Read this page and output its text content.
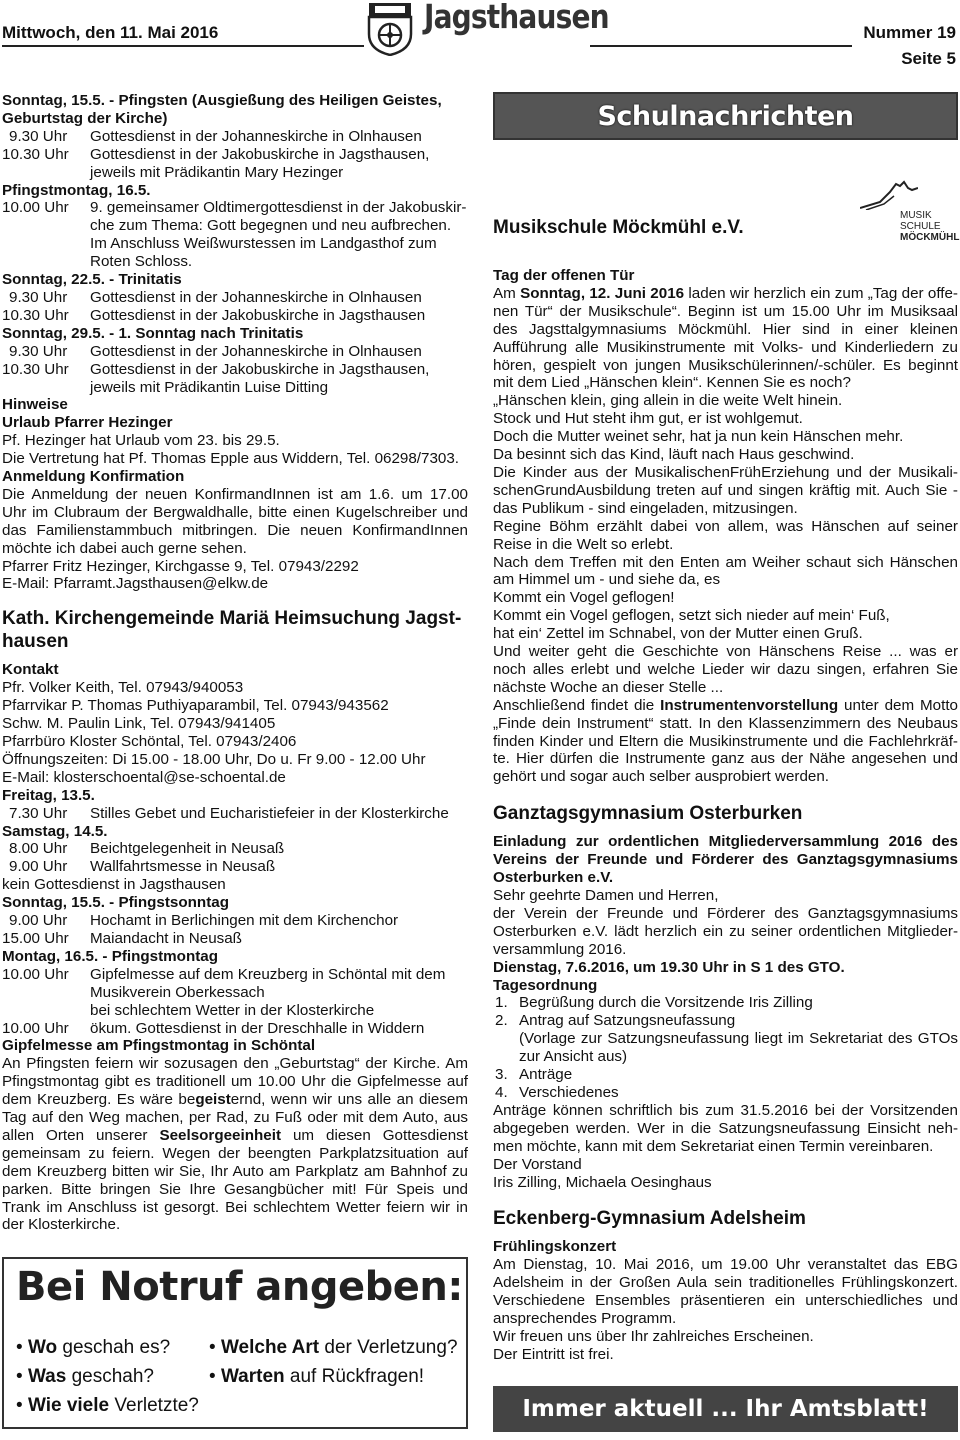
Mittwoch, den 11. Mai 2016	Jagsthausen	Nummer 19
Seite 5

Sonntag, 15.5. - Pfingsten (Ausgießung des Heiligen Geistes, Geburtstag der Kirche)

9.30 Uhr	Gottesdienst in der Johanneskirche in Olnhausen
10.30 Uhr	Gottesdienst in der Jakobuskirche in Jagsthausen,

jeweils mit Prädikantin Mary Hezinger

Pfingstmontag, 16.5.

10.00 Uhr	9. gemeinsamer Oldtimergottesdienst in der Jakobuskir-
che zum Thema: Gott begegnen und neu aufbrechen.
Im Anschluss Weißwurstessen im Landgasthof zum
Roten Schloss.

Sonntag, 22.5. - Trinitatis

9.30 Uhr	Gottesdienst in der Johanneskirche in Olnhausen
10.30 Uhr	Gottesdienst in der Jakobuskirche in Jagsthausen

Sonntag, 29.5. - 1. Sonntag nach Trinitatis

9.30 Uhr	Gottesdienst in der Johanneskirche in Olnhausen
10.30 Uhr	Gottesdienst in der Jakobuskirche in Jagsthausen,

jeweils mit Prädikantin Luise Ditting

Hinweise

Urlaub Pfarrer Hezinger

Pf. Hezinger hat Urlaub vom 23. bis 29.5.

Die Vertretung hat Pf. Thomas Epple aus Widdern, Tel. 06298/7303.

Anmeldung Konfirmation

Die Anmeldung der neuen KonfirmandInnen ist am 1.6. um 17.00 Uhr im Clubraum der Bergwaldhalle, bitte einen Kugelschreiber und das Familienstammbuch mitbringen. Die neuen KonfirmandInnen möchte ich dabei auch gerne sehen.

Pfarrer Fritz Hezinger, Kirchgasse 9, Tel. 07943/2292

E-Mail: Pfarramt.Jagsthausen@elkw.de

Kath. Kirchengemeinde Mariä Heimsuchung Jagst-hausen

Kontakt

Pfr. Volker Keith, Tel. 07943/940053

Pfarrvikar P. Thomas Puthiyaparambil, Tel. 07943/943562

Schw. M. Paulin Link, Tel. 07943/941405

Pfarrbüro Kloster Schöntal, Tel. 07943/2406

Öffnungszeiten: Di 15.00 - 18.00 Uhr, Do u. Fr 9.00 - 12.00 Uhr

E-Mail: klosterschoental@se-schoental.de

Freitag, 13.5.

7.30 Uhr	Stilles Gebet und Eucharistiefeier in der Klosterkirche

Samstag, 14.5.

8.00 Uhr	Beichtgelegenheit in Neusaß
9.00 Uhr	Wallfahrtsmesse in Neusaß

kein Gottesdienst in Jagsthausen

Sonntag, 15.5. - Pfingstsonntag

9.00 Uhr	Hochamt in Berlichingen mit dem Kirchenchor
15.00 Uhr	Maiandacht in Neusaß

Montag, 16.5. - Pfingstmontag

10.00 Uhr	Gipfelmesse auf dem Kreuzberg in Schöntal mit dem
Musikverein Oberkessach
bei schlechtem Wetter in der Klosterkirche
10.00 Uhr	ökum. Gottesdienst in der Dreschhalle in Widdern

Gipfelmesse am Pfingstmontag in Schöntal

An Pfingsten feiern wir sozusagen den „Geburtstag“ der Kirche. Am Pfingstmontag gibt es traditionell um 10.00 Uhr die Gipfelmesse auf dem Kreuzberg. Es wäre begeisternd, wenn wir uns alle an diesem Tag auf den Weg machen, per Rad, zu Fuß oder mit dem Auto, aus allen Orten unserer Seelsorgeeinheit um diesen Gottesdienst gemeinsam zu feiern. Wegen der beengten Parkplatzsituation auf dem Kreuzberg bitten wir Sie, Ihr Auto am Parkplatz am Bahnhof zu parken. Bitte bringen Sie Ihre Gesangbücher mit! Für Speis und Trank im Anschluss ist gesorgt. Bei schlechtem Wetter feiern wir in der Klosterkirche.

Bei Notruf angeben:
• Wo geschah es?
• Was geschah?
• Wie viele Verletzte?
• Welche Art der Verletzung?
• Warten auf Rückfragen!
Schulnachrichten
MUSIK
SCHULE
MÖCKMÜHL

Musikschule Möckmühl e.V.

Tag der offenen Tür

Am Sonntag, 12. Juni 2016 laden wir herzlich ein zum „Tag der offe-nen Tür“ der Musikschule“. Beginn ist um 15.00 Uhr im Musiksaal des Jagsttalgymnasiums Möckmühl. Hier sind in einer kleinen Aufführung alle Musikinstrumente mit Volks- und Kinderliedern zu hören, gespielt von jungen Musikschülerinnen/-schüler. Es beginnt mit dem Lied „Hänschen klein“. Kennen Sie es noch?

„Hänschen klein, ging allein in die weite Welt hinein.

Stock und Hut steht ihm gut, er ist wohlgemut.

Doch die Mutter weinet sehr, hat ja nun kein Hänschen mehr.

Da besinnt sich das Kind, läuft nach Haus geschwind.

Die Kinder aus der MusikalischenFrühErziehung und der Musikali-schenGrundAusbildung treten auf und singen kräftig mit. Auch Sie - das Publikum - sind eingeladen, mitzusingen.

Regine Böhm erzählt dabei von allem, was Hänschen auf seiner Reise in die Welt so erlebt.

Nach dem Treffen mit den Enten am Weiher schaut sich Hänschen am Himmel um - und siehe da, es

Kommt ein Vogel geflogen!

Kommt ein Vogel geflogen, setzt sich nieder auf mein‘ Fuß,

hat ein‘ Zettel im Schnabel, von der Mutter einen Gruß.

Und weiter geht die Geschichte von Hänschens Reise ... was er noch alles erlebt und welche Lieder wir dazu singen, erfahren Sie nächste Woche an dieser Stelle ...

Anschließend findet die Instrumentenvorstellung unter dem Motto „Finde dein Instrument“ statt. In den Klassenzimmern des Neubaus finden Kinder und Eltern die Musikinstrumente und die Fachlehrkräf-te. Hier dürfen die Instrumente ganz aus der Nähe angesehen und gehört und sogar auch selber ausprobiert werden.

Ganztagsgymnasium Osterburken

Einladung zur ordentlichen Mitgliederversammlung 2016 des Vereins der Freunde und Förderer des Ganztagsgymnasiums Osterburken e.V.

Sehr geehrte Damen und Herren,

der Verein der Freunde und Förderer des Ganztagsgymnasiums Osterburken e.V. lädt herzlich ein zu seiner ordentlichen Mitglieder-versammlung 2016.

Dienstag, 7.6.2016, um 19.30 Uhr in S 1 des GTO.

Tagesordnung

1. Begrüßung durch die Vorsitzende Iris Zilling
2. Antrag auf Satzungsneufassung
(Vorlage zur Satzungsneufassung liegt im Sekretariat des GTOs zur Ansicht aus)
3. Anträge
4. Verschiedenes

Anträge können schriftlich bis zum 31.5.2016 bei der Vorsitzenden abgegeben werden. Wer in die Satzungsneufassung Einsicht neh-men möchte, kann mit dem Sekretariat einen Termin vereinbaren.

Der Vorstand

Iris Zilling, Michaela Oesinghaus

Eckenberg-Gymnasium Adelsheim

Frühlingskonzert

Am Dienstag, 10. Mai 2016, um 19.00 Uhr veranstaltet das EBG Adelsheim in der Großen Aula sein traditionelles Frühlingskonzert. Verschiedene Ensembles präsentieren ein unterschiedliches und ansprechendes Programm.

Wir freuen uns über Ihr zahlreiches Erscheinen.

Der Eintritt ist frei.

Immer aktuell ... Ihr Amtsblatt!
